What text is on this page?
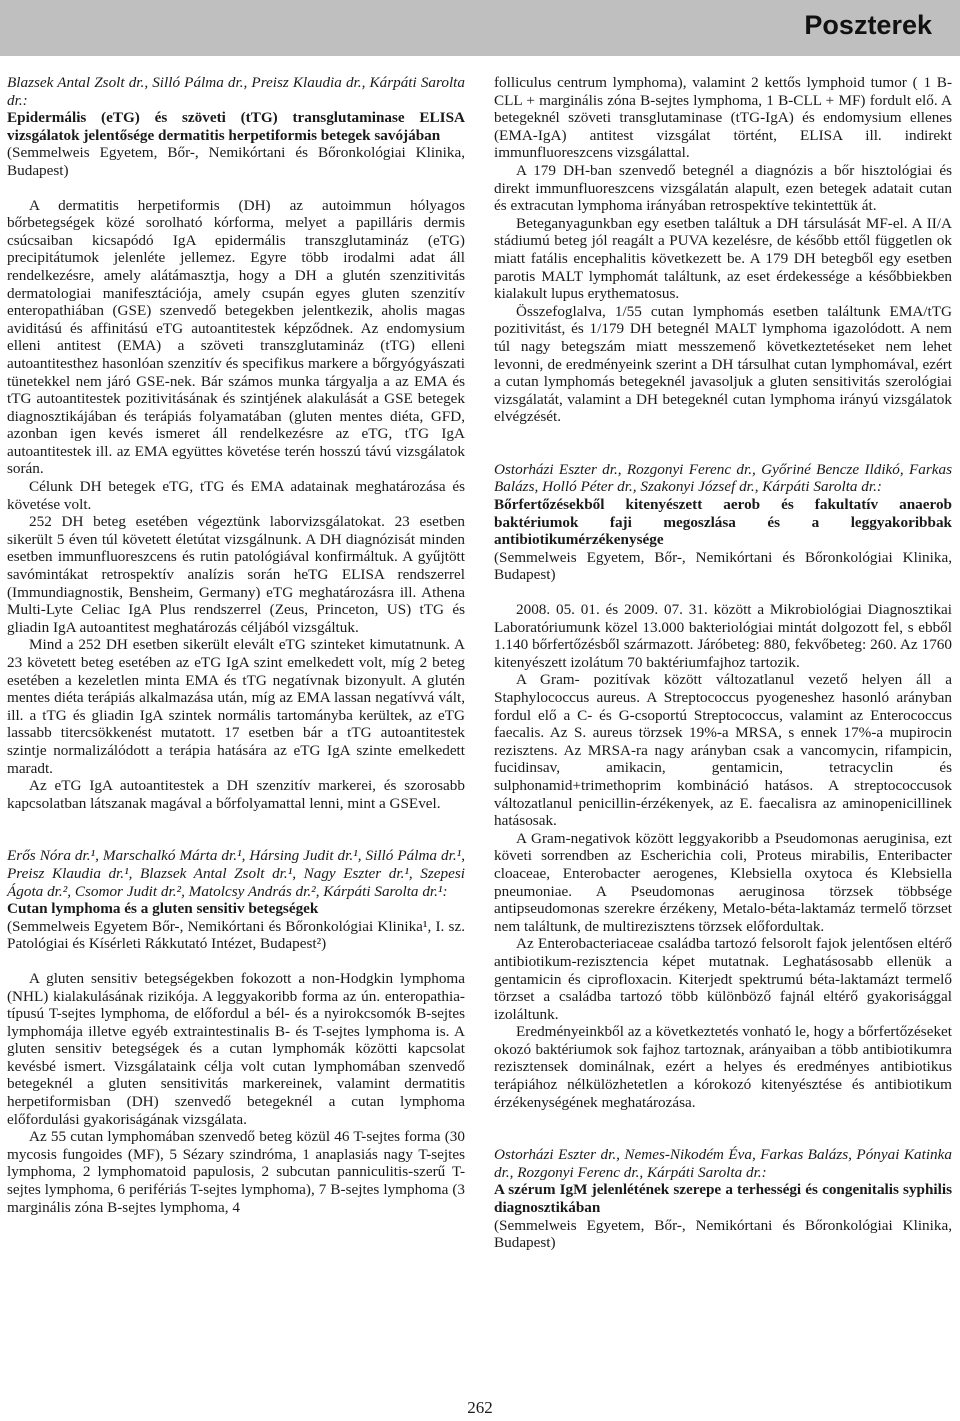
Poszterek

Blazsek Antal Zsolt dr., Silló Pálma dr., Preisz Klaudia dr., Kárpáti Sarolta dr.:

Epidermális (eTG) és szöveti (tTG) transglutaminase ELISA vizsgálatok jelentősége dermatitis herpetiformis betegek savójában

(Semmelweis Egyetem, Bőr-, Nemikórtani és Bőronkológiai Klinika, Budapest)

A dermatitis herpetiformis (DH) az autoimmun hólyagos bőrbetegségek közé sorolható kórforma, melyet a papilláris dermis csúcsaiban kicsapódó IgA epidermális transzglutamináz (eTG) precipitátumok jelenléte jellemez. Egyre több irodalmi adat áll rendelkezésre, amely alátámasztja, hogy a DH a glutén szenzitivitás dermatologiai manifesztációja, amely csupán egyes gluten szenzitív enteropathiában (GSE) szenvedő betegekben jelentkezik, aholis magas aviditású és affinitású eTG autoantitestek képződnek. Az endomysium elleni antitest (EMA) a szöveti transzglutamináz (tTG) elleni autoantitesthez hasonlóan szenzitív és specifikus markere a bőrgyógyászati tünetekkel nem járó GSE-nek. Bár számos munka tárgyalja a az EMA és tTG autoantitestek pozitivitásának és szintjének alakulását a GSE betegek diagnosztikájában és terápiás folyamatában (gluten mentes diéta, GFD, azonban igen kevés ismeret áll rendelkezésre az eTG, tTG IgA autoantitestek ill. az EMA együttes követése terén hosszú távú vizsgálatok során.

Célunk DH betegek eTG, tTG és EMA adatainak meghatározása és követése volt.

252 DH beteg esetében végeztünk laborvizsgálatokat. 23 esetben sikerült 5 éven túl követett életútat vizsgálnunk. A DH diagnózisát minden esetben immunfluoreszcens és rutin patológiával konfirmáltuk. A gyűjtött savómintákat retrospektív analízis során heTG ELISA rendszerrel (Immundiagnostik, Bensheim, Germany) eTG meghatározásra ill. Athena Multi-Lyte Celiac IgA Plus rendszerrel (Zeus, Princeton, US) tTG és gliadin IgA autoantitest meghatározás céljából vizsgáltuk.

Mind a 252 DH esetben sikerült elevált eTG szinteket kimutatnunk. A 23 követett beteg esetében az eTG IgA szint emelkedett volt, míg 2 beteg esetében a kezeletlen minta EMA és tTG negatívnak bizonyult. A glutén mentes diéta terápiás alkalmazása után, míg az EMA lassan negatívvá vált, ill. a tTG és gliadin IgA szintek normális tartományba kerültek, az eTG lassabb titercsökkenést mutatott. 17 esetben bár a tTG autoantitestek szintje normalizálódott a terápia hatására az eTG IgA szinte emelkedett maradt.

Az eTG IgA autoantitestek a DH szenzitív markerei, és szorosabb kapcsolatban látszanak magával a bőrfolyamattal lenni, mint a GSEvel.

Erős Nóra dr.¹, Marschalkó Márta dr.¹, Hársing Judit dr.¹, Silló Pálma dr.¹, Preisz Klaudia dr.¹, Blazsek Antal Zsolt dr.¹, Nagy Eszter dr.¹, Szepesi Ágota dr.², Csomor Judit dr.², Matolcsy András dr.², Kárpáti Sarolta dr.¹:

Cutan lymphoma és a gluten sensitiv betegségek

(Semmelweis Egyetem Bőr-, Nemikórtani és Bőronkológiai Klinika¹, I. sz. Patológiai és Kísérleti Rákkutató Intézet, Budapest²)

A gluten sensitiv betegségekben fokozott a non-Hodgkin lymphoma (NHL) kialakulásának rizikója. A leggyakoribb forma az ún. enteropathia-típusú T-sejtes lymphoma, de előfordul a bél- és a nyirokcsomók B-sejtes lymphomája illetve egyéb extraintestinalis B- és T-sejtes lymphoma is. A gluten sensitiv betegségek és a cutan lymphomák közötti kapcsolat kevésbé ismert. Vizsgálataink célja volt cutan lymphomában szenvedő betegeknél a gluten sensitivitás markereinek, valamint dermatitis herpetiformisban (DH) szenvedő betegeknél a cutan lymphoma előfordulási gyakoriságának vizsgálata.

Az 55 cutan lymphomában szenvedő beteg közül 46 T-sejtes forma (30 mycosis fungoides (MF), 5 Sézary szindróma, 1 anaplasiás nagy T-sejtes lymphoma, 2 lymphomatoid papulosis, 2 subcutan panniculitis-szerű T-sejtes lymphoma, 6 perifériás T-sejtes lymphoma), 7 B-sejtes lymphoma (3 marginális zóna B-sejtes lymphoma, 4

folliculus centrum lymphoma), valamint 2 kettős lymphoid tumor ( 1 B-CLL + marginális zóna B-sejtes lymphoma, 1 B-CLL + MF) fordult elő. A betegeknél szöveti transglutaminase (tTG-IgA) és endomysium ellenes (EMA-IgA) antitest vizsgálat történt, ELISA ill. indirekt immunfluoreszcens vizsgálattal.

A 179 DH-ban szenvedő betegnél a diagnózis a bőr hisztológiai és direkt immunfluoreszcens vizsgálatán alapult, ezen betegek adatait cutan és extracutan lymphoma irányában retrospektíve tekintettük át.

Beteganyagunkban egy esetben találtuk a DH társulását MF-el. A II/A stádiumú beteg jól reagált a PUVA kezelésre, de később ettől független ok miatt fatális encephalitis következett be. A 179 DH betegből egy esetben parotis MALT lymphomát találtunk, az eset érdekessége a későbbiekben kialakult lupus erythematosus.

Összefoglalva, 1/55 cutan lymphomás esetben találtunk EMA/tTG pozitivitást, és 1/179 DH betegnél MALT lymphoma igazolódott. A nem túl nagy betegszám miatt messzemenő következtetéseket nem lehet levonni, de eredményeink szerint a DH társulhat cutan lymphomával, ezért a cutan lymphomás betegeknél javasoljuk a gluten sensitivitás szerológiai vizsgálatát, valamint a DH betegeknél cutan lymphoma irányú vizsgálatok elvégzését.

Ostorházi Eszter dr., Rozgonyi Ferenc dr., Győriné Bencze Ildikó, Farkas Balázs, Holló Péter dr., Szakonyi József dr., Kárpáti Sarolta dr.:

Bőrfertőzésekből kitenyészett aerob és fakultatív anaerob baktériumok faji megoszlása és a leggyakoribbak antibiotikumérzékenysége

(Semmelweis Egyetem, Bőr-, Nemikórtani és Bőronkológiai Klinika, Budapest)

2008. 05. 01. és 2009. 07. 31. között a Mikrobiológiai Diagnosztikai Laboratóriumunk közel 13.000 bakteriológiai mintát dolgozott fel, s ebből 1.140 bőrfertőzésből származott. Járóbeteg: 880, fekvőbeteg: 260. Az 1760 kitenyészett izolátum 70 baktériumfajhoz tartozik.

A Gram- pozitívak között változatlanul vezető helyen áll a Staphylococcus aureus. A Streptococcus pyogeneshez hasonló arányban fordul elő a C- és G-csoportú Streptococcus, valamint az Enterococcus faecalis. Az S. aureus törzsek 19%-a MRSA, s ennek 17%-a mupirocin rezisztens. Az MRSA-ra nagy arányban csak a vancomycin, rifampicin, fucidinsav, amikacin, gentamicin, tetracyclin és sulphonamid+trimethoprim kombináció hatásos. A streptococcusok változatlanul penicillin-érzékenyek, az E. faecalisra az aminopenicillinek hatásosak.

A Gram-negativok között leggyakoribb a Pseudomonas aeruginisa, ezt követi sorrendben az Escherichia coli, Proteus mirabilis, Enteribacter cloaceae, Enterobacter aerogenes, Klebsiella oxytoca és Klebsiella pneumoniae. A Pseudomonas aeruginosa törzsek többsége antipseudomonas szerekre érzékeny, Metalo-béta-laktamáz termelő törzset nem találtunk, de multirezisztens törzsek előfordultak.

Az Enterobacteriaceae családba tartozó felsorolt fajok jelentősen eltérő antibiotikum-rezisztencia képet mutatnak. Leghatásosabb ellenük a gentamicin és ciprofloxacin. Kiterjedt spektrumú béta-laktamázt termelő törzset a családba tartozó több különböző fajnál eltérő gyakorisággal izoláltunk.

Eredményeinkből az a következtetés vonható le, hogy a bőrfertőzéseket okozó baktériumok sok fajhoz tartoznak, arányaiban a több antibiotikumra rezisztensek dominálnak, ezért a helyes és eredményes antibiotikus terápiához nélkülözhetetlen a kórokozó kitenyésztése és antibiotikum érzékenységének meghatározása.

Ostorházi Eszter dr., Nemes-Nikodém Éva, Farkas Balázs, Pónyai Katinka dr., Rozgonyi Ferenc dr., Kárpáti Sarolta dr.:

A szérum IgM jelenlétének szerepe a terhességi és congenitalis syphilis diagnosztikában

(Semmelweis Egyetem, Bőr-, Nemikórtani és Bőronkológiai Klinika, Budapest)

262
